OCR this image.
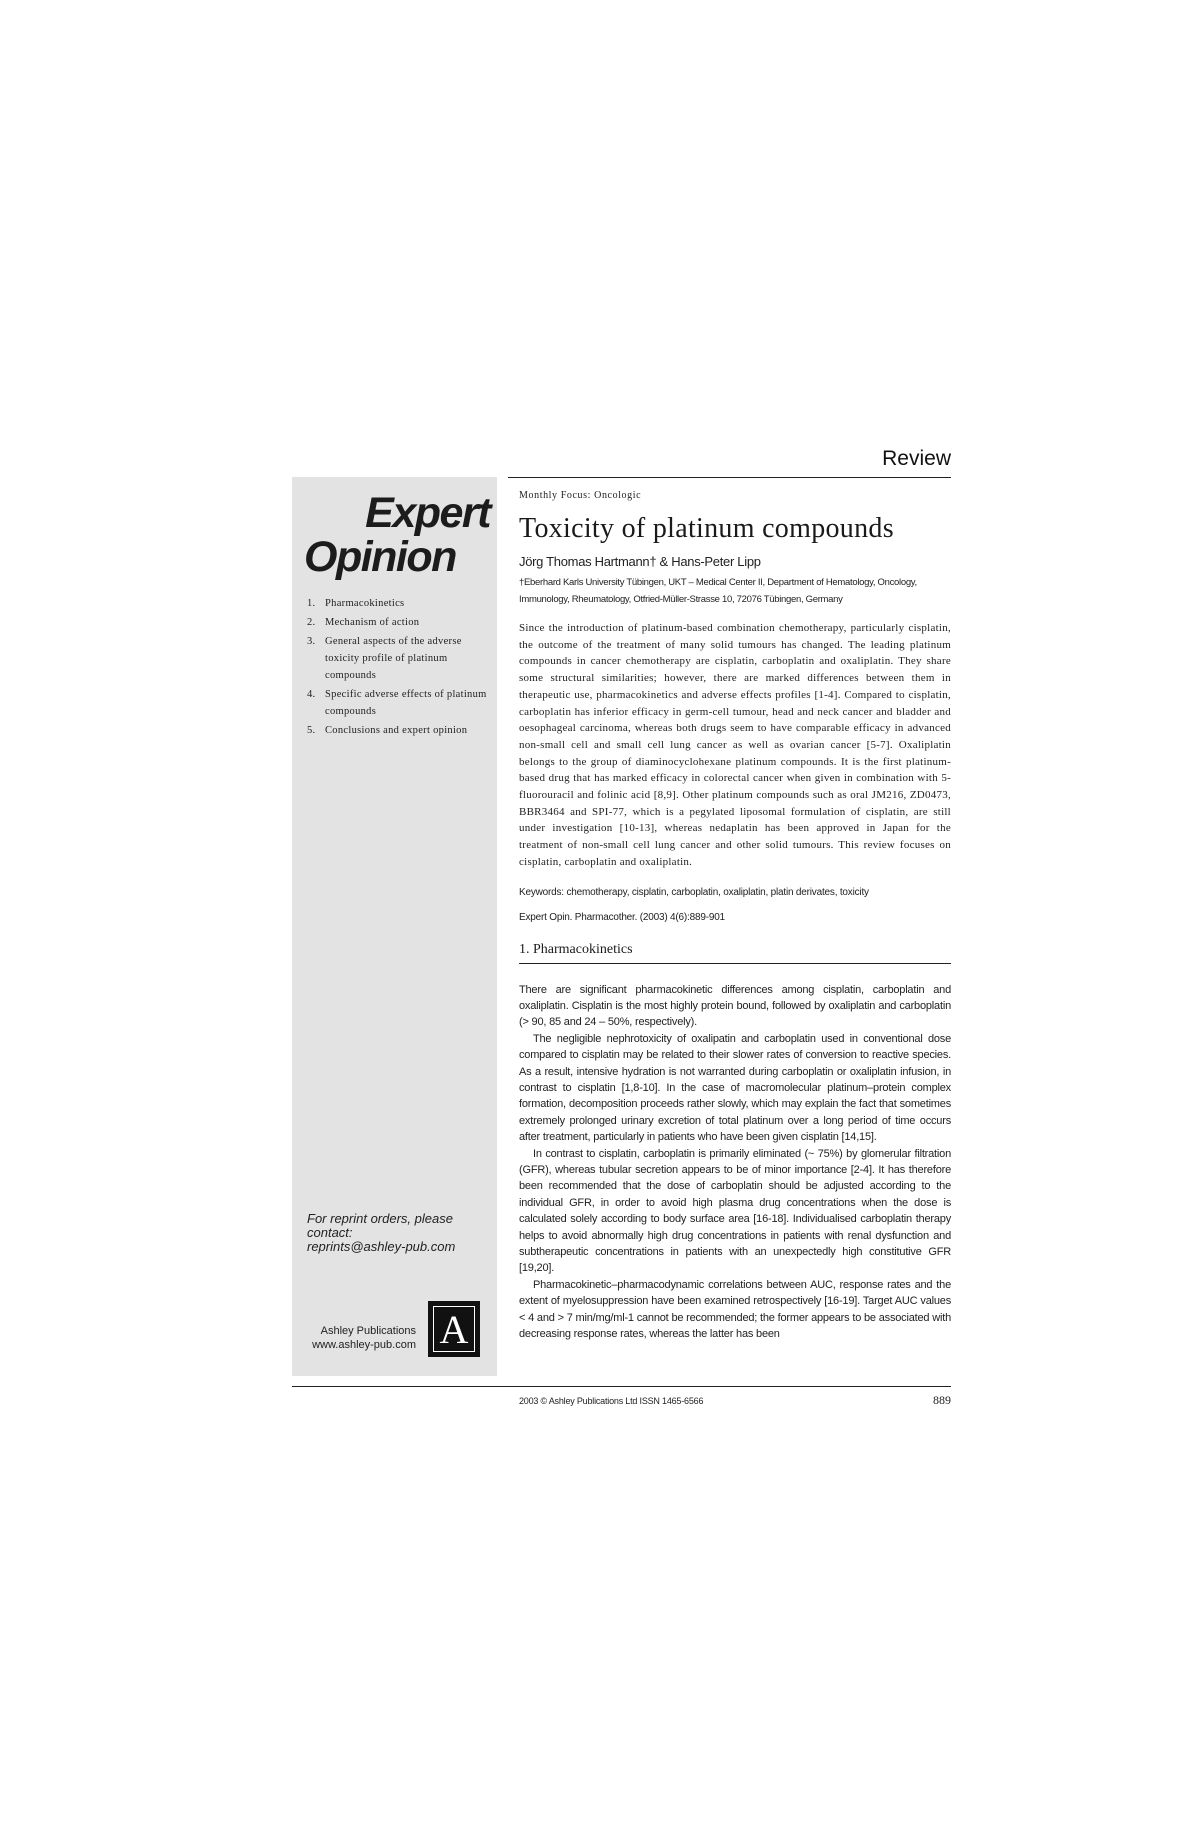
Review
Expert
Opinion
1. Pharmacokinetics
2. Mechanism of action
3. General aspects of the adverse toxicity profile of platinum compounds
4. Specific adverse effects of platinum compounds
5. Conclusions and expert opinion
For reprint orders, please
contact:
reprints@ashley-pub.com
Ashley Publications
www.ashley-pub.com A
Monthly Focus: Oncologic
Toxicity of platinum compounds
Jörg Thomas Hartmann† & Hans-Peter Lipp
†Eberhard Karls University Tübingen, UKT – Medical Center II, Department of Hematology, Oncology, Immunology, Rheumatology, Otfried-Müller-Strasse 10, 72076 Tübingen, Germany

Since the introduction of platinum-based combination chemotherapy, particularly cisplatin, the outcome of the treatment of many solid tumours has changed. The leading platinum compounds in cancer chemotherapy are cisplatin, carboplatin and oxaliplatin. They share some structural similarities; however, there are marked differences between them in therapeutic use, pharmacokinetics and adverse effects profiles [1-4]. Compared to cisplatin, carboplatin has inferior efficacy in germ-cell tumour, head and neck cancer and bladder and oesophageal carcinoma, whereas both drugs seem to have comparable efficacy in advanced non-small cell and small cell lung cancer as well as ovarian cancer [5-7]. Oxaliplatin belongs to the group of diaminocyclohexane platinum compounds. It is the first platinum-based drug that has marked efficacy in colorectal cancer when given in combination with 5-fluorouracil and folinic acid [8,9]. Other platinum compounds such as oral JM216, ZD0473, BBR3464 and SPI-77, which is a pegylated liposomal formulation of cisplatin, are still under investigation [10-13], whereas nedaplatin has been approved in Japan for the treatment of non-small cell lung cancer and other solid tumours. This review focuses on cisplatin, carboplatin and oxaliplatin.

Keywords: chemotherapy, cisplatin, carboplatin, oxaliplatin, platin derivates, toxicity
Expert Opin. Pharmacother. (2003) 4(6):889-901
1. Pharmacokinetics

There are significant pharmacokinetic differences among cisplatin, carboplatin and oxaliplatin. Cisplatin is the most highly protein bound, followed by oxaliplatin and carboplatin (> 90, 85 and 24 – 50%, respectively).

The negligible nephrotoxicity of oxalipatin and carboplatin used in conventional dose compared to cisplatin may be related to their slower rates of conversion to reactive species. As a result, intensive hydration is not warranted during carboplatin or oxaliplatin infusion, in contrast to cisplatin [1,8-10]. In the case of macromolecular platinum–protein complex formation, decomposition proceeds rather slowly, which may explain the fact that sometimes extremely prolonged urinary excretion of total platinum over a long period of time occurs after treatment, particularly in patients who have been given cisplatin [14,15].

In contrast to cisplatin, carboplatin is primarily eliminated (~ 75%) by glomerular filtration (GFR), whereas tubular secretion appears to be of minor importance [2-4]. It has therefore been recommended that the dose of carboplatin should be adjusted according to the individual GFR, in order to avoid high plasma drug concentrations when the dose is calculated solely according to body surface area [16-18]. Individualised carboplatin therapy helps to avoid abnormally high drug concentrations in patients with renal dysfunction and subtherapeutic concentrations in patients with an unexpectedly high constitutive GFR [19,20].

Pharmacokinetic–pharmacodynamic correlations between AUC, response rates and the extent of myelosuppression have been examined retrospectively [16-19]. Target AUC values < 4 and > 7 min/mg/ml-1 cannot be recommended; the former appears to be associated with decreasing response rates, whereas the latter has been

2003 © Ashley Publications Ltd ISSN 1465-6566	889
